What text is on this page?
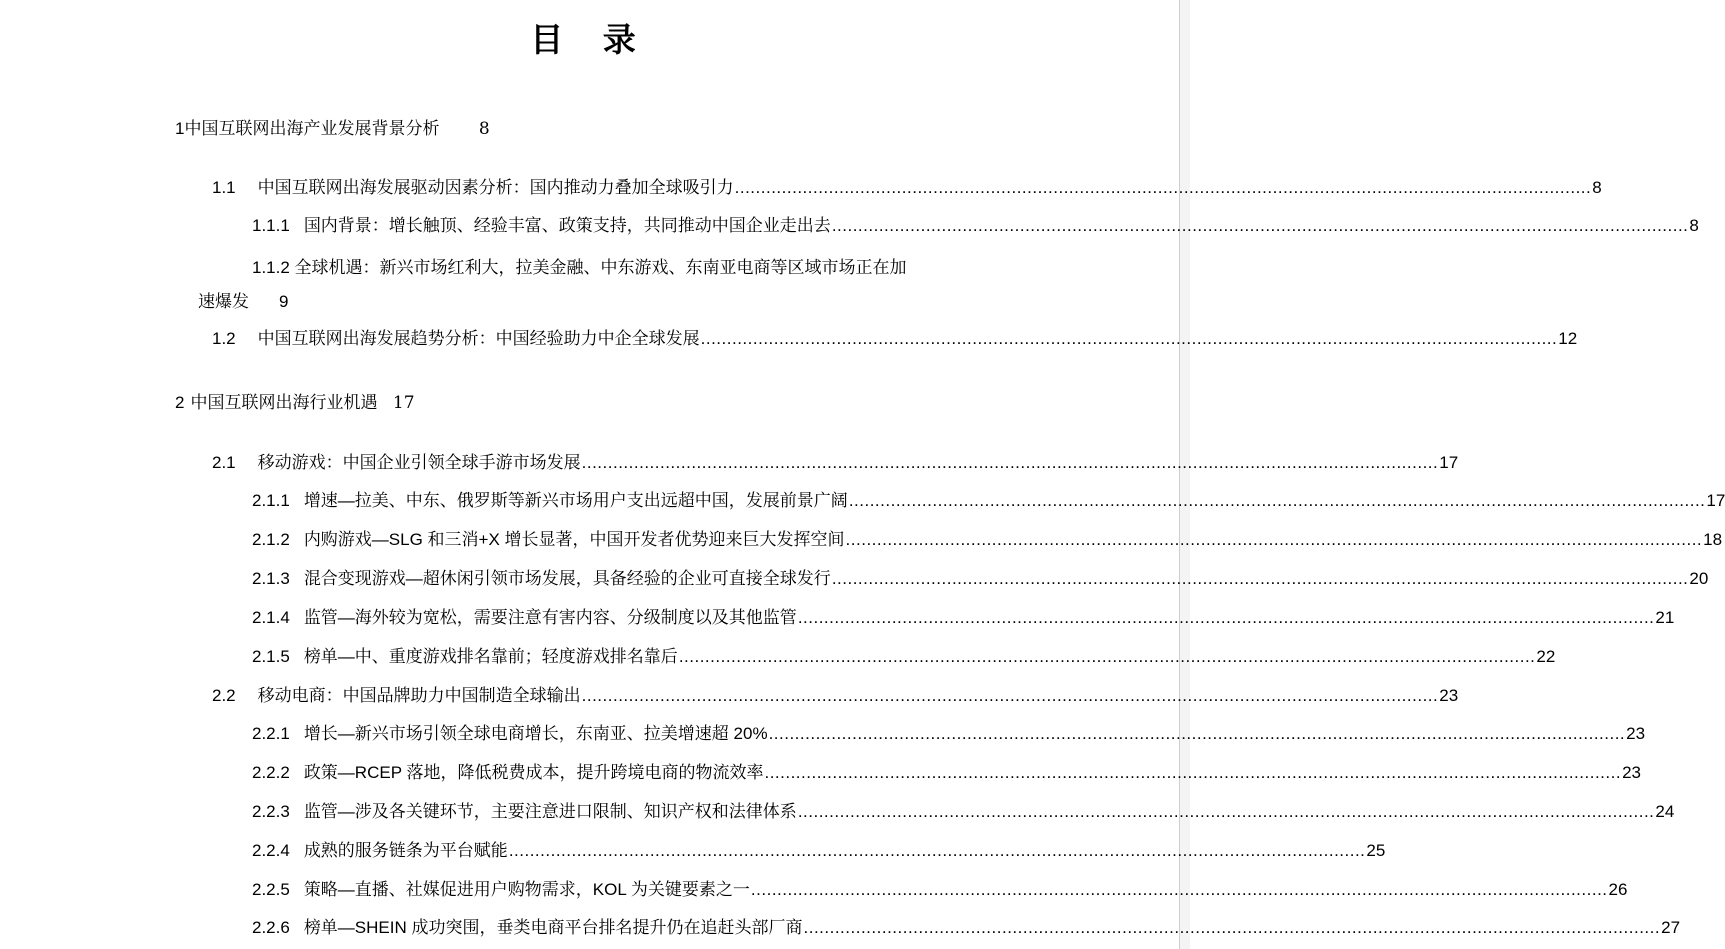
目 录
1中国互联网出海产业发展背景分析 8
1.1 中国互联网出海发展驱动因素分析：国内推动力叠加全球吸引力 .................................................................................................................................................................... 8
1.1.1 国内背景：增长触顶、经验丰富、政策支持，共同推动中国企业走出去 .................................................................................................................................................................... 8
1.1.2 全球机遇：新兴市场红利大，拉美金融、中东游戏、东南亚电商等区域市场正在加
速爆发 9
1.2 中国互联网出海发展趋势分析：中国经验助力中企全球发展 .................................................................................................................................................................... 12
2 中国互联网出海行业机遇 17
2.1 移动游戏：中国企业引领全球手游市场发展 .................................................................................................................................................................... 17
2.1.1 增速—拉美、中东、俄罗斯等新兴市场用户支出远超中国，发展前景广阔 .................................................................................................................................................................... 17
2.1.2 内购游戏—SLG 和三消+X 增长显著，中国开发者优势迎来巨大发挥空间 .................................................................................................................................................................... 18
2.1.3 混合变现游戏—超休闲引领市场发展，具备经验的企业可直接全球发行 .................................................................................................................................................................... 20
2.1.4 监管—海外较为宽松，需要注意有害内容、分级制度以及其他监管 .................................................................................................................................................................... 21
2.1.5 榜单—中、重度游戏排名靠前；轻度游戏排名靠后 .................................................................................................................................................................... 22
2.2 移动电商：中国品牌助力中国制造全球输出 .................................................................................................................................................................... 23
2.2.1 增长—新兴市场引领全球电商增长，东南亚、拉美增速超 20% .................................................................................................................................................................... 23
2.2.2 政策—RCEP 落地，降低税费成本，提升跨境电商的物流效率 .................................................................................................................................................................... 23
2.2.3 监管—涉及各关键环节，主要注意进口限制、知识产权和法律体系 .................................................................................................................................................................... 24
2.2.4 成熟的服务链条为平台赋能 .................................................................................................................................................................... 25
2.2.5 策略—直播、社媒促进用户购物需求，KOL 为关键要素之一 .................................................................................................................................................................... 26
2.2.6 榜单—SHEIN 成功突围，垂类电商平台排名提升仍在追赶头部厂商 .................................................................................................................................................................... 27
